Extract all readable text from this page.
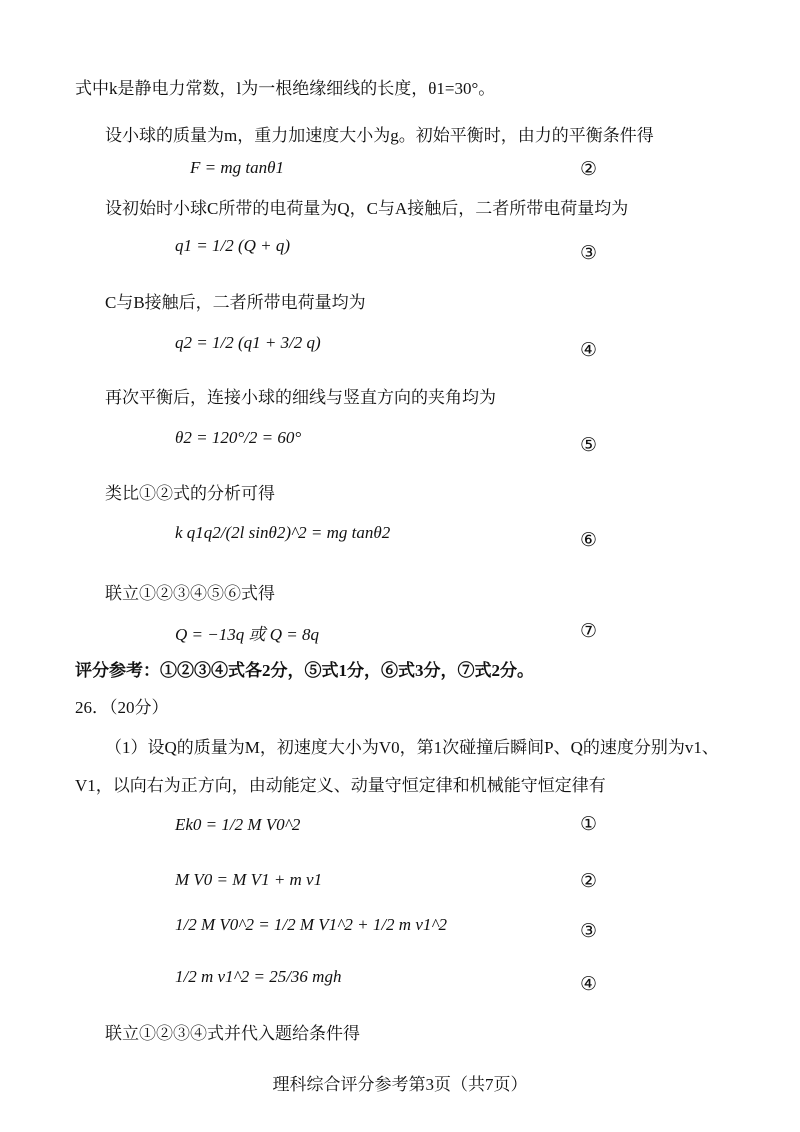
式中k是静电力常数，l为一根绝缘细线的长度，θ1=30°。
设小球的质量为m，重力加速度大小为g。初始平衡时，由力的平衡条件得
F = mg tanθ1	②
设初始时小球C所带的电荷量为Q，C与A接触后，二者所带电荷量均为
q1 = 1/2 (Q + q)	③
C与B接触后，二者所带电荷量均为
q2 = 1/2 (q1 + 3/2 q)	④
再次平衡后，连接小球的细线与竖直方向的夹角均为
θ2 = 120°/2 = 60°	⑤
类比①②式的分析可得
k q1q2/(2l sinθ2)^2 = mg tanθ2	⑥
联立①②③④⑤⑥式得
Q = −13q 或 Q = 8q	⑦
评分参考：①②③④式各2分，⑤式1分，⑥式3分，⑦式2分。
26．（20分）
（1）设Q的质量为M，初速度大小为V0，第1次碰撞后瞬间P、Q的速度分别为v1、
V1，以向右为正方向，由动能定义、动量守恒定律和机械能守恒定律有
Ek0 = 1/2 M V0^2	①
M V0 = M V1 + m v1	②
1/2 M V0^2 = 1/2 M V1^2 + 1/2 m v1^2	③
1/2 m v1^2 = 25/36 mgh	④
联立①②③④式并代入题给条件得
理科综合评分参考第3页（共7页）
